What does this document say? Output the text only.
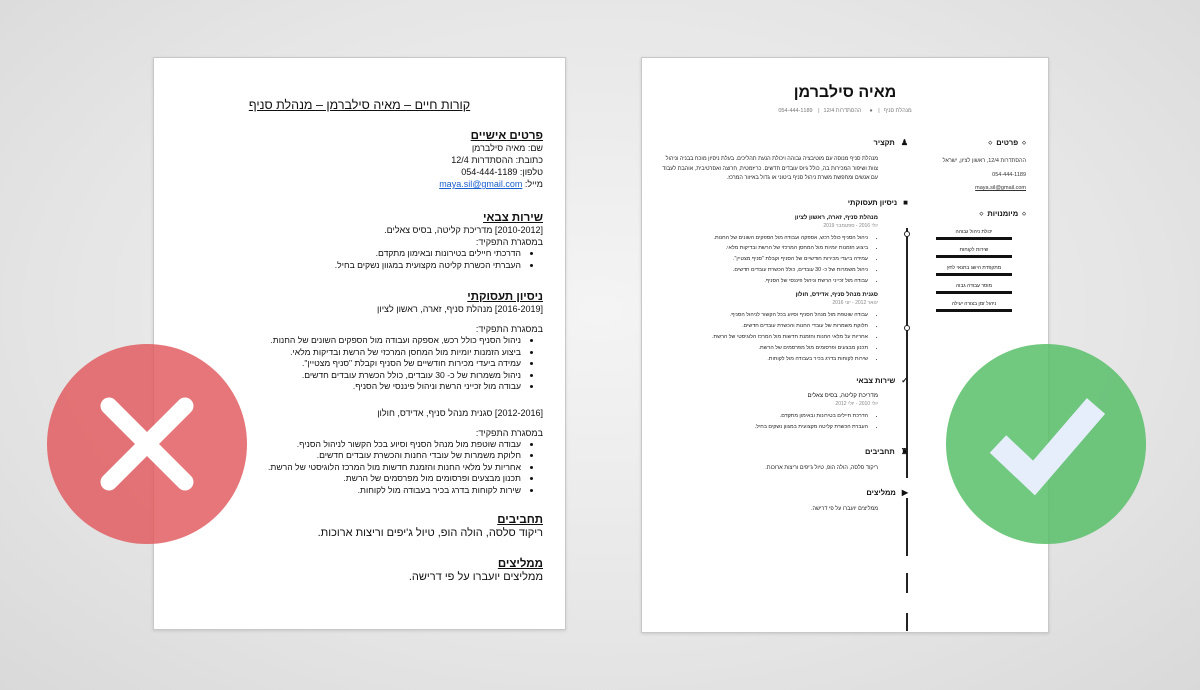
קורות חיים – מאיה סילברמן – מנהלת סניף
פרטים אישיים
שם: מאיה סילברמן
כתובת: ההסתדרות 12/4
טלפון: 054-444-1189
מייל: maya.sil@gmail.com
שירות צבאי
[2010-2012] מדריכת קליטה, בסיס צאלים.
במסגרת התפקיד:
• הדרכתי חיילים בטירונות ובאימון מתקדם.
• העברתי הכשרת קליטה מקצועית במגוון נשקים בחיל.
ניסיון תעסוקתי
[2016-2019] מנהלת סניף, זארה, ראשון לציון
במסגרת התפקיד:
• ניהול הסניף כולל רכש, אספקה ועבודה מול הספקים השונים של החנות.
• ביצוע הזמנות יומיות מול המחסן המרכזי של הרשת ובדיקות מלאי.
• עמידה ביעדי מכירות חודשיים של הסניף וקבלת "סניף מצטיין".
• ניהול משמרות של כ- 30 עובדים, כולל הכשרת עובדים חדשים.
• עבודה מול זכייני הרשת וניהול פיננסי של הסניף.
[2012-2016] סגנית מנהל סניף, אדידס, חולון
במסגרת התפקיד:
• עבודה שוטפת מול מנהל הסניף וסיוע בכל הקשור לניהול הסניף.
• חלוקת משמרות של עובדי החנות והכשרת עובדים חדשים.
• אחריות על מלאי החנות והזמנת חדשות מול המרכז הלוגיסטי של הרשת.
• תכנון מבצעים ופרסומים מול מפרסמים של הרשת.
• שירות לקוחות בדרג בכיר בעבודה מול לקוחות.
תחביבים
ריקוד סלסה, הולה הופ, טיול ג'יפים וריצות ארוכות.
ממליצים
ממליצים יועברו על פי דרישה.
מאיה סילברמן
מנהלת סניף| ●ההסתדרות 12/4| 054-444-1189
◇
פרטים
◇
ההסתדרות 12/4, ראשון לציון, ישראל
054-444-1189
maya.sil@gmail.com
◇
מיומנויות
◇
יכולת ניהול גבוהה
שירות לקוחות
מתקפדת הישג בתנאי לחץ
מוסר עבודה גבוה
ניהול זמן בצורה יעילה
♟
תקציר
מנהלת סניף מנוסה עם מוטיבציה גבוהה ויכולת הנעת תהליכים. בעלת ניסיון מוכח בבניה וניהול צוות ושיפור המכירות בה, כולל גיוס עובדים חדשים. כריזמטית, חרוצה ואסרטיבית, אוהבת לעבוד עם אנשים ומחפשת משרת ניהול סניף ביטוני או גדול באיזור המרכז.
■
ניסיון תעסוקתי
מנהלת סניף, זארה, ראשון לציון
יולי 2016 - ספטמבר 2019
• ניהול הסניף כולל רכש, אספקה ועבודה מול הספקים השונים של החנות.
• ביצוע הזמנות יומיות מול המחסן המרכזי של הרשת ובדיקות מלאי.
• עמידה ביעדי מכירות חודשיים של הסניף וקבלת "סניף מצטיין".
• ניהול משמרות של כ- 30 עובדים, כולל הכשרת עובדים חדשים.
• עבודה מול זכייני הרשת וניהול פיננסי של הסניף.
סגנית מנהל סניף, אדידס, חולון
ינואר 2012 - יוני 2016
• עבודה שוטפת מול מנהל הסניף וסיוע בכל הקשור לניהול הסניף.
• חלוקת משמרות של עובדי החנות והכשרת עובדים חדשים.
• אחריות על מלאי החנות והזמנת חדשות מול המרכז הלוגיסטי של הרשת.
• תכנון מבצעים ופרסומים מול מפרסמים של הרשת.
• שירות לקוחות בדרג בכיר בעבודה מול לקוחות.
✓
שירות צבאי
מדריכת קליטה, בסיס צאלים
יולי 2010 - יולי 2012
• הדרכת חיילים בטירונות ובאימון מתקדם.
• העברת הכשרת קליטה מקצועית במגוון נשקים בחיל.
♜
תחביבים
ריקוד סלסה, הולה הופ, טיול ג'יפים וריצות ארוכות.
▶
ממליצים
ממליצים יועברו על פי דרישה.
